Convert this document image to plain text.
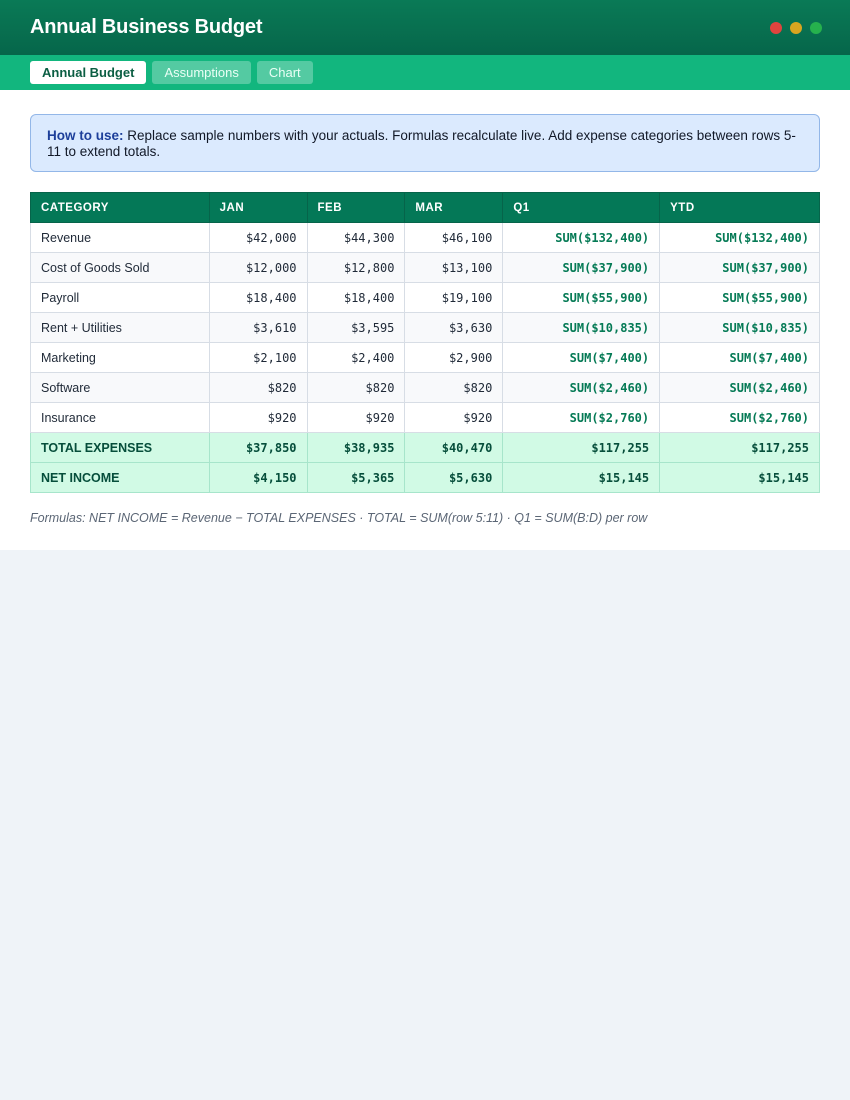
Annual Business Budget
Annual Budget	Assumptions	Chart
How to use: Replace sample numbers with your actuals. Formulas recalculate live. Add expense categories between rows 5-11 to extend totals.
CATEGORY	JAN	FEB	MAR	Q1	YTD
Revenue	$42,000	$44,300	$46,100	SUM($132,400)	SUM($132,400)
Cost of Goods Sold	$12,000	$12,800	$13,100	SUM($37,900)	SUM($37,900)
Payroll	$18,400	$18,400	$19,100	SUM($55,900)	SUM($55,900)
Rent + Utilities	$3,610	$3,595	$3,630	SUM($10,835)	SUM($10,835)
Marketing	$2,100	$2,400	$2,900	SUM($7,400)	SUM($7,400)
Software	$820	$820	$820	SUM($2,460)	SUM($2,460)
Insurance	$920	$920	$920	SUM($2,760)	SUM($2,760)
TOTAL EXPENSES	$37,850	$38,935	$40,470	$117,255	$117,255
NET INCOME	$4,150	$5,365	$5,630	$15,145	$15,145
Formulas: NET INCOME = Revenue − TOTAL EXPENSES · TOTAL = SUM(row 5:11) · Q1 = SUM(B:D) per row
